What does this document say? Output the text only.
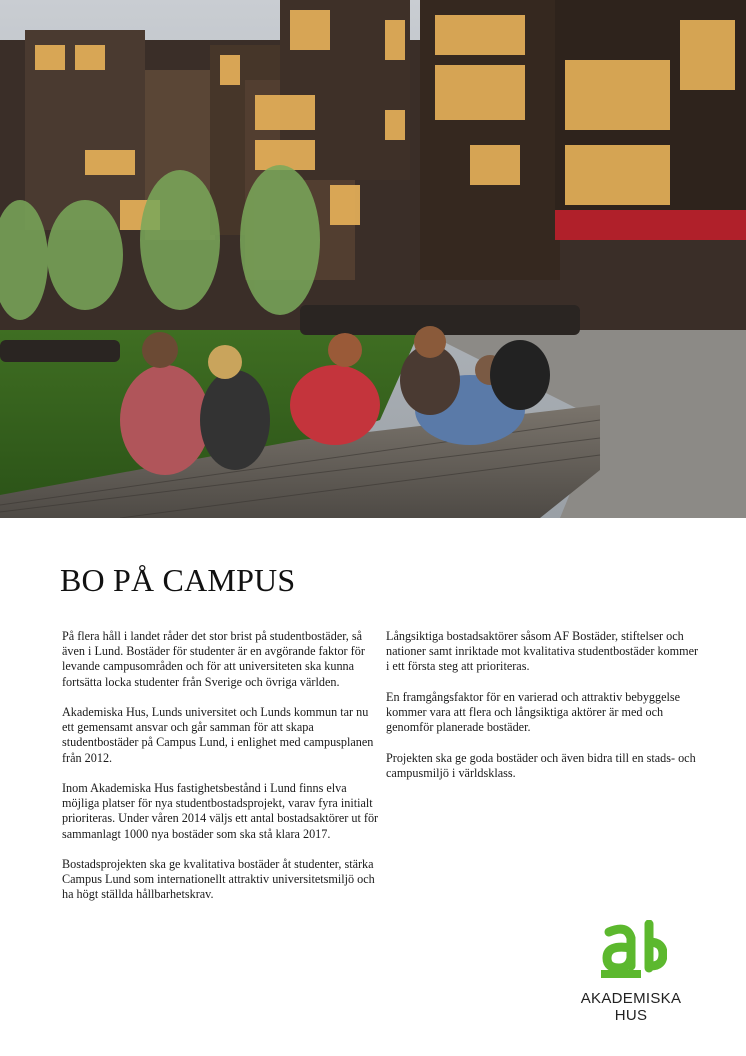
BO PÅ CAMPUS

På flera håll i landet råder det stor brist på studentbostäder, så även i Lund. Bostäder för studenter är en avgörande faktor för levande campusområden och för att universiteten ska kunna fortsätta locka studenter från Sverige och övriga världen.

Akademiska Hus, Lunds universitet och Lunds kommun tar nu ett gemensamt ansvar och går samman för att skapa studentbostäder på Campus Lund, i enlighet med campusplanen från 2012.

Inom Akademiska Hus fastighetsbestånd i Lund finns elva möjliga platser för nya studentbostadsprojekt, varav fyra initialt prioriteras. Under våren 2014 väljs ett antal bostadsaktörer ut för sammanlagt 1000 nya bostäder som ska stå klara 2017.

Bostadsprojekten ska ge kvalitativa bostäder åt studenter, stärka Campus Lund som internationellt attraktiv universitetsmiljö och ha högt ställda hållbarhetskrav.

Långsiktiga bostadsaktörer såsom AF Bostäder, stiftelser och nationer samt inriktade mot kvalitativa studentbostäder kommer i ett första steg att prioriteras.

En framgångsfaktor för en varierad och attraktiv bebyggelse kommer vara att flera och långsiktiga aktörer är med och genomför planerade bostäder.

Projekten ska ge goda bostäder och även bidra till en stads- och campusmiljö i världsklass.

AKADEMISKA HUS
